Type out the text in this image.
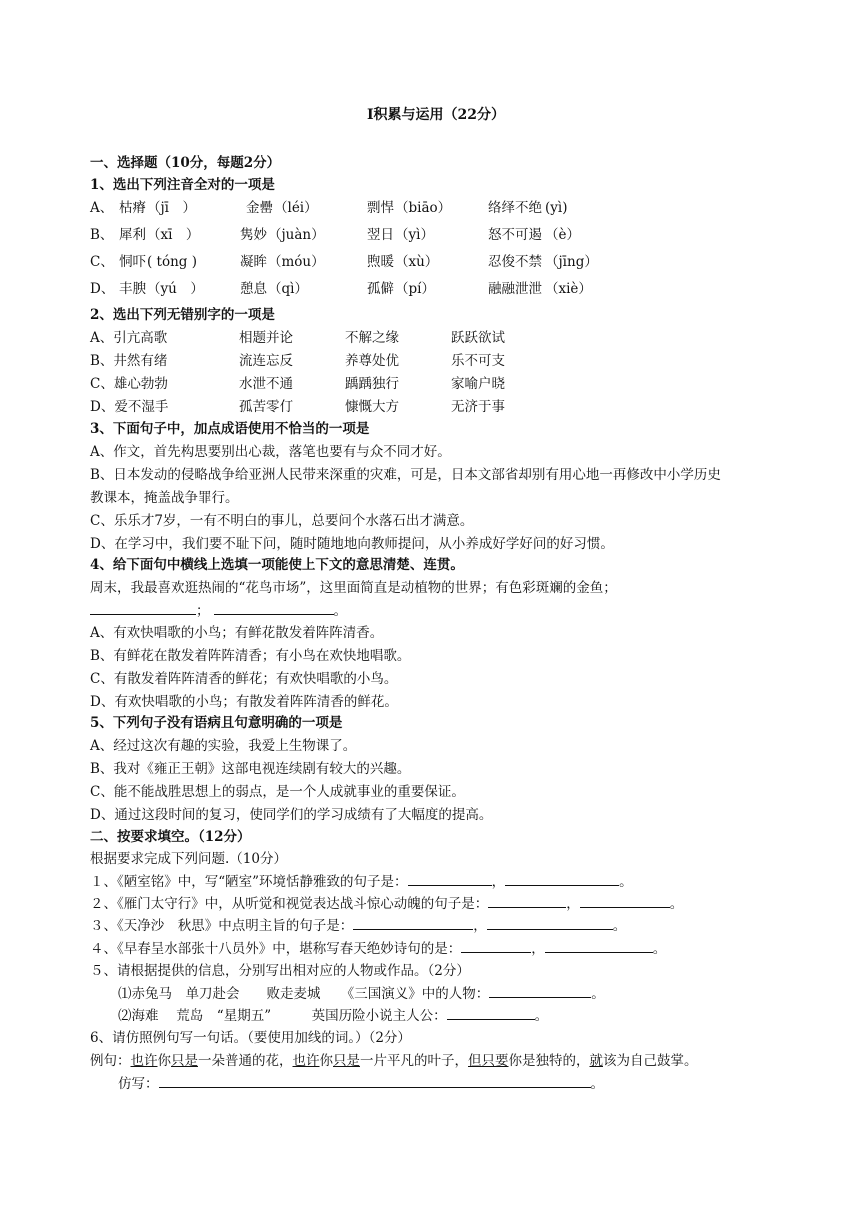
Ⅰ积累与运用（22分）
一、选择题（10分，每题2分）
1、选出下列注音全对的一项是
A、 枯瘠 （jī　）	金罍 （léi）	剽悍 （biāo）	络绎不绝 (yì)
B、 犀利 （xī　）	隽妙 （juàn）	翌日 （yì）	怒不可遏 （è）
C、 恫吓 ( tóng )	凝眸 （móu）	煦暖 （xù）	忍俊不禁 （jīng）
D、 丰腴 （yú　）	憩息 （qì）	孤僻 （pí）	融融泄泄 （xiè）
2、选出下列无错别字的一项是
A、引亢高歌	相题并论	不解之缘	跃跃欲试
B、井然有绪	流连忘反	养尊处优	乐不可支
C、雄心勃勃	水泄不通	踽踽独行	家喻户晓
D、爱不湿手	孤苦零仃	慷慨大方	无济于事
3、下面句子中，加点成语使用不恰当的一项是
A、作文，首先构思要别出心裁，落笔也要有与众不同才好。
B、日本发动的侵略战争给亚洲人民带来深重的灾难，可是，日本文部省却别有用心地一再修改中小学历史
教课本，掩盖战争罪行。
C、乐乐才7岁，一有不明白的事儿，总要问个水落石出才满意。
D、在学习中，我们要不耻下问，随时随地地向教师提问，从小养成好学好问的好习惯。
4、给下面句中横线上选填一项能使上下文的意思清楚、连贯。
周末，我最喜欢逛热闹的“花鸟市场”，这里面简直是动植物的世界；有色彩斑斓的金鱼；
；	。
A、有欢快唱歌的小鸟；有鲜花散发着阵阵清香。
B、有鲜花在散发着阵阵清香；有小鸟在欢快地唱歌。
C、有散发着阵阵清香的鲜花；有欢快唱歌的小鸟。
D、有欢快唱歌的小鸟；有散发着阵阵清香的鲜花。
5、下列句子没有语病且句意明确的一项是
A、经过这次有趣的实验，我爱上生物课了。
B、我对《雍正王朝》这部电视连续剧有较大的兴趣。
C、能不能战胜思想上的弱点，是一个人成就事业的重要保证。
D、通过这段时间的复习，使同学们的学习成绩有了大幅度的提高。
二、按要求填空。（12分）
根据要求完成下列问题.（10分）
１、《陋室铭》中，写“陋室”环境恬静雅致的句子是：	，	。
２、《雁门太守行》中，从听觉和视觉表达战斗惊心动魄的句子是：	，	。
３、《天净沙　秋思》中点明主旨的句子是：	，	。
４、《早春呈水部张十八员外》中，堪称写春天绝妙诗句的是：	，	。
５、请根据提供的信息，分别写出相对应的人物或作品。（2分）
⑴赤兔马　单刀赴会　　败走麦城　　《三国演义》中的人物：	。
⑵海难　 荒岛　“星期五”　　　英国历险小说主人公：	。
6、请仿照例句写一句话。（要使用加线的词。）（2分）
例句：也许你只是一朵普通的花，也许你只是一片平凡的叶子，但只要你是独特的，就该为自己鼓掌。
仿写：	。
